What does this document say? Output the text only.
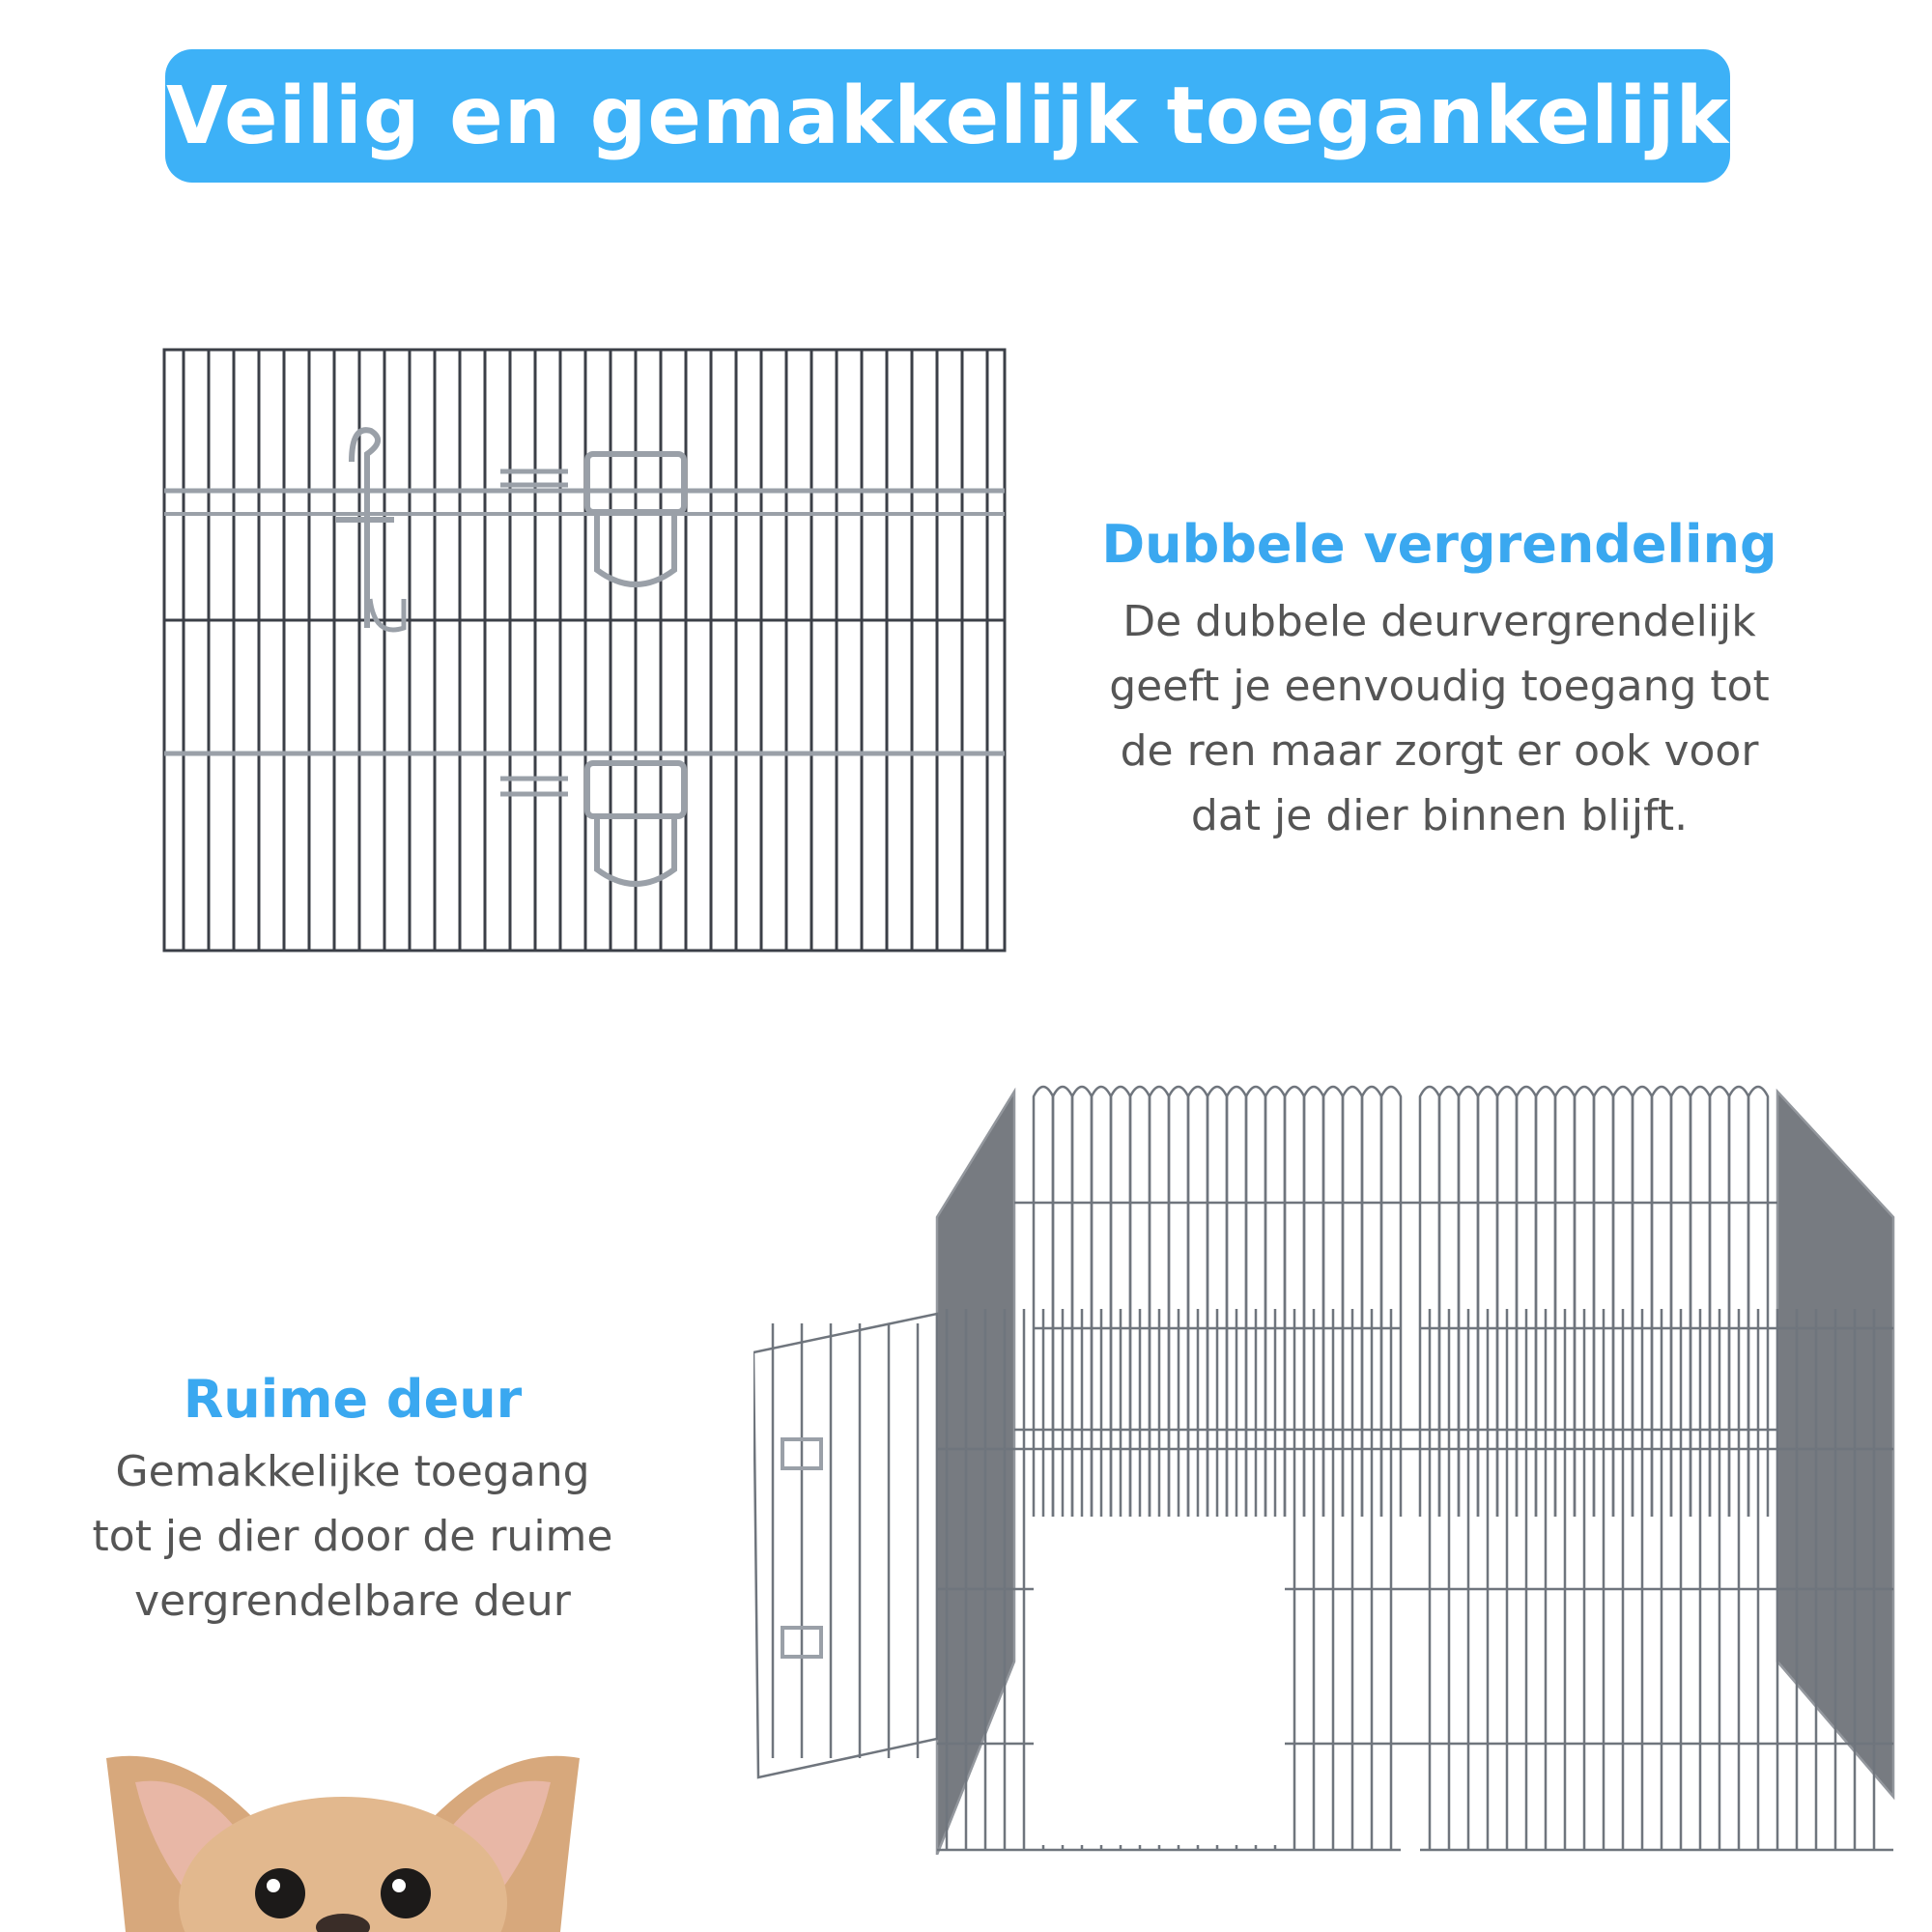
Veilig en gemakkelijk toegankelijk
Dubbele vergrendeling
De dubbele deurvergrendelijk
geeft je eenvoudig toegang tot
de ren maar zorgt er ook voor
dat je dier binnen blijft.
Ruime deur
Gemakkelijke toegang
tot je dier door de ruime
vergrendelbare deur
